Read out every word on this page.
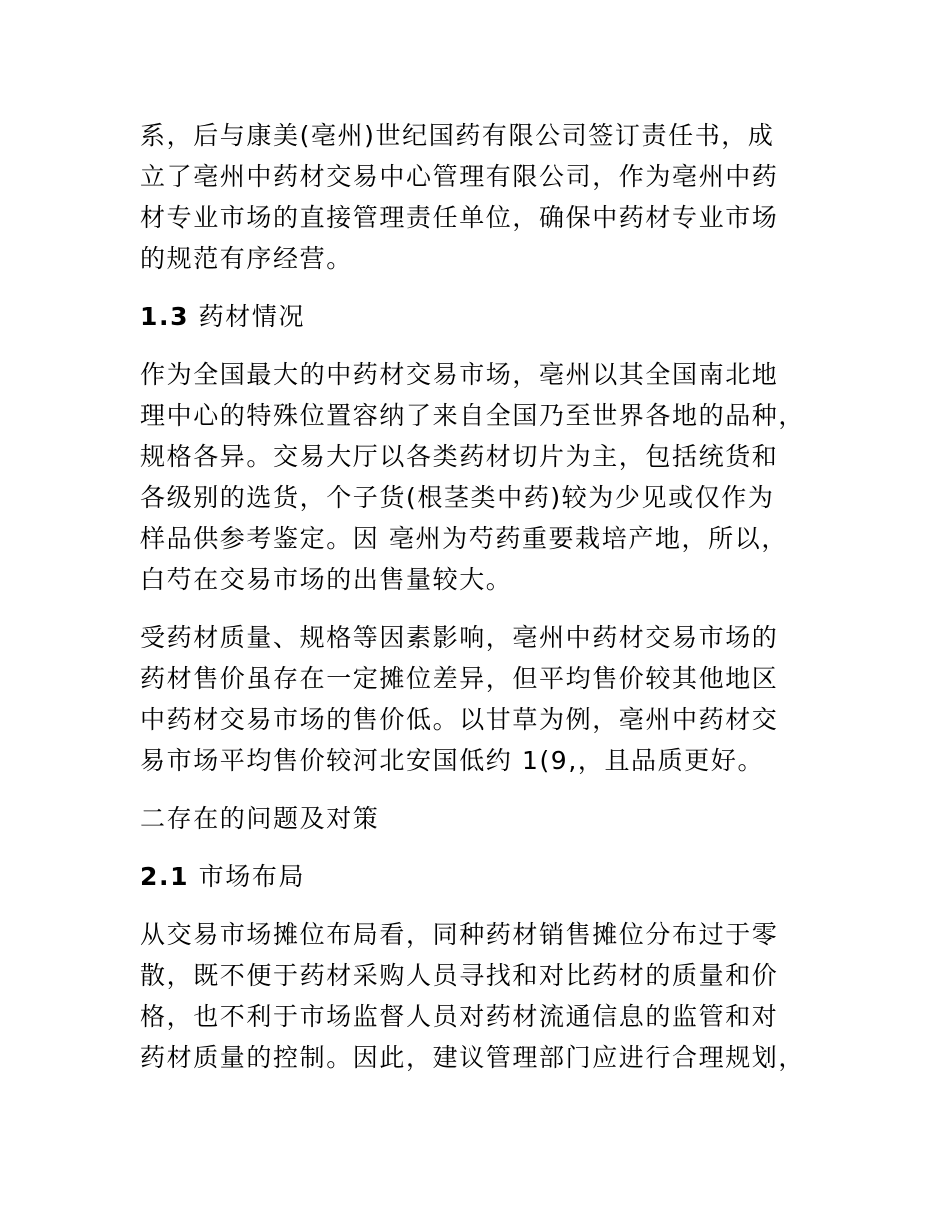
系，后与康美(亳州)世纪国药有限公司签订责任书，成
立了亳州中药材交易中心管理有限公司，作为亳州中药
材专业市场的直接管理责任单位，确保中药材专业市场
的规范有序经营。
1.3 药材情况
作为全国最大的中药材交易市场，亳州以其全国南北地
理中心的特殊位置容纳了来自全国乃至世界各地的品种，
规格各异。交易大厅以各类药材切片为主，包括统货和
各级别的选货，个子货(根茎类中药)较为少见或仅作为
样品供参考鉴定。因 亳州为芍药重要栽培产地，所以，
白芍在交易市场的出售量较大。
受药材质量、规格等因素影响，亳州中药材交易市场的
药材售价虽存在一定摊位差异，但平均售价较其他地区
中药材交易市场的售价低。以甘草为例，亳州中药材交
易市场平均售价较河北安国低约 1(9,，且品质更好。
二存在的问题及对策
2.1 市场布局
从交易市场摊位布局看，同种药材销售摊位分布过于零
散，既不便于药材采购人员寻找和对比药材的质量和价
格，也不利于市场监督人员对药材流通信息的监管和对
药材质量的控制。因此，建议管理部门应进行合理规划，
